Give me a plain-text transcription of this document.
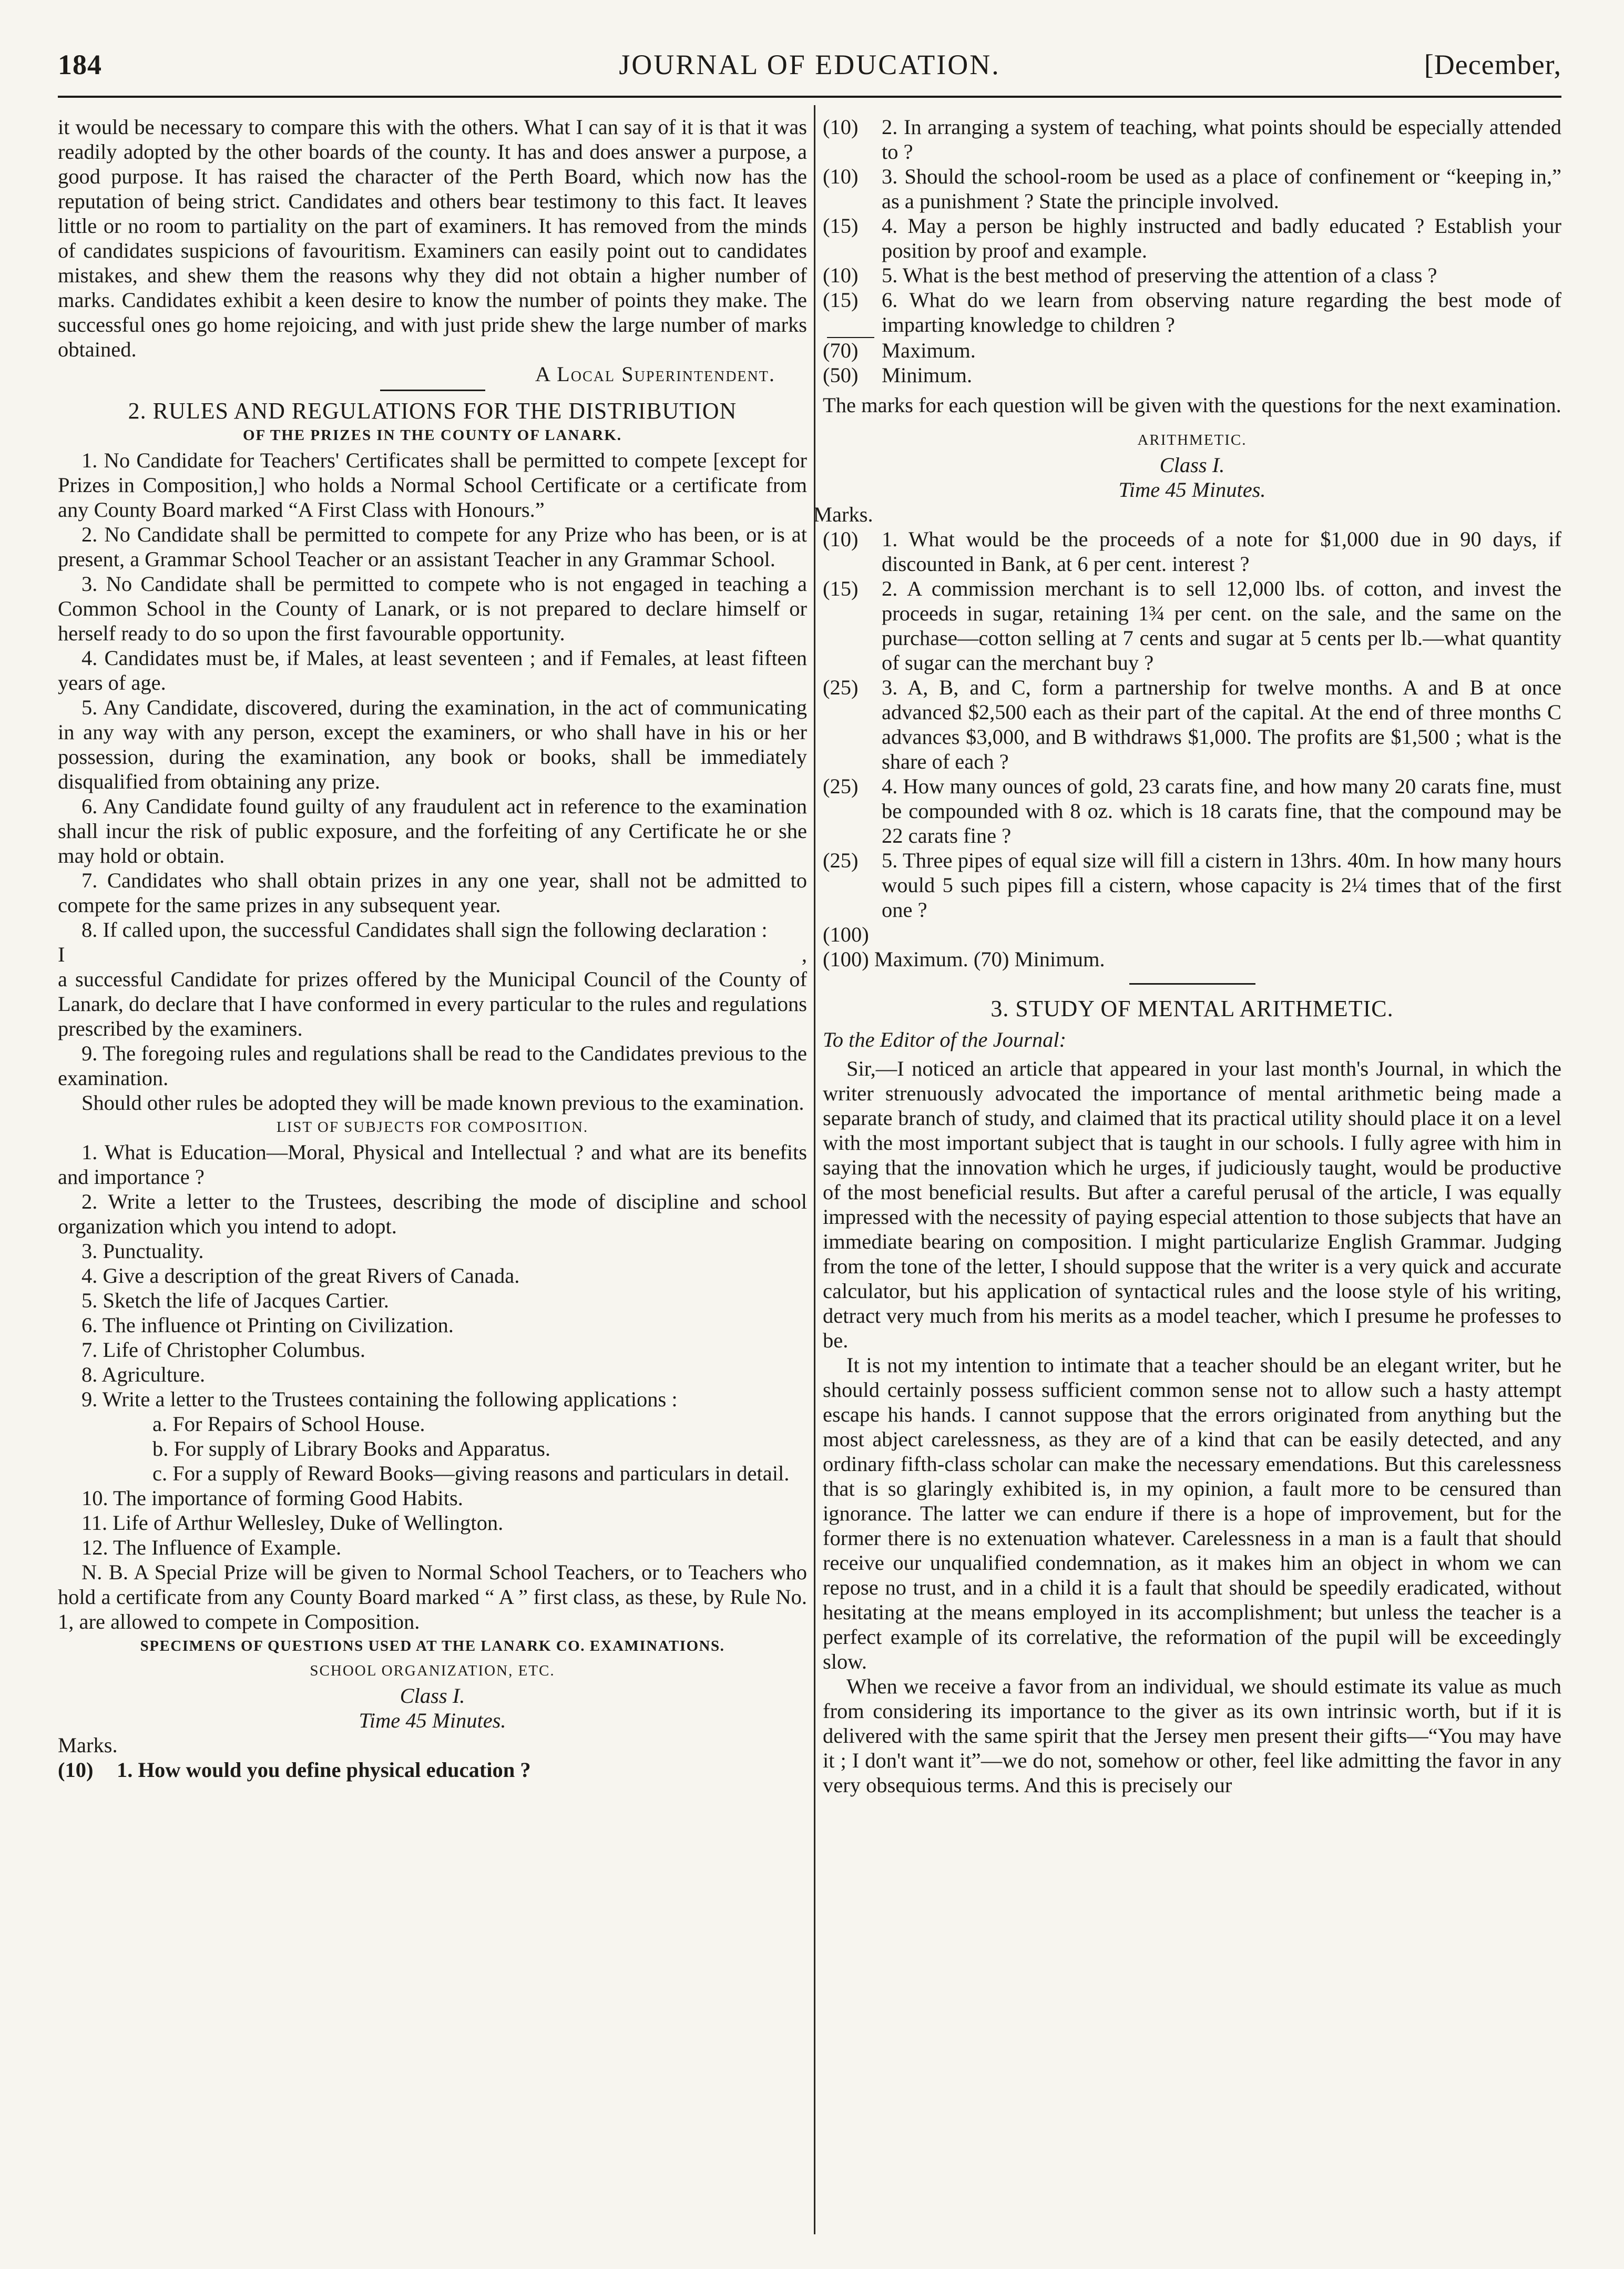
184	JOURNAL OF EDUCATION.	[December,

it would be necessary to compare this with the others. What I can say of it is that it was readily adopted by the other boards of the county. It has and does answer a purpose, a good purpose. It has raised the character of the Perth Board, which now has the reputation of being strict. Candidates and others bear testimony to this fact. It leaves little or no room to partiality on the part of examiners. It has removed from the minds of candidates suspicions of favouritism. Examiners can easily point out to candidates mistakes, and shew them the reasons why they did not obtain a higher number of marks. Candidates exhibit a keen desire to know the number of points they make. The successful ones go home rejoicing, and with just pride shew the large number of marks obtained.

A Local Superintendent.

2. RULES AND REGULATIONS FOR THE DISTRIBUTION

OF THE PRIZES IN THE COUNTY OF LANARK.

1. No Candidate for Teachers' Certificates shall be permitted to compete [except for Prizes in Composition,] who holds a Normal School Certificate or a certificate from any County Board marked “A First Class with Honours.”

2. No Candidate shall be permitted to compete for any Prize who has been, or is at present, a Grammar School Teacher or an assistant Teacher in any Grammar School.

3. No Candidate shall be permitted to compete who is not engaged in teaching a Common School in the County of Lanark, or is not prepared to declare himself or herself ready to do so upon the first favourable opportunity.

4. Candidates must be, if Males, at least seventeen ; and if Females, at least fifteen years of age.

5. Any Candidate, discovered, during the examination, in the act of communicating in any way with any person, except the examiners, or who shall have in his or her possession, during the examination, any book or books, shall be immediately disqualified from obtaining any prize.

6. Any Candidate found guilty of any fraudulent act in reference to the examination shall incur the risk of public exposure, and the forfeiting of any Certificate he or she may hold or obtain.

7. Candidates who shall obtain prizes in any one year, shall not be admitted to compete for the same prizes in any subsequent year.

8. If called upon, the successful Candidates shall sign the following declaration :

I	,

a successful Candidate for prizes offered by the Municipal Council of the County of Lanark, do declare that I have conformed in every particular to the rules and regulations prescribed by the examiners.

9. The foregoing rules and regulations shall be read to the Candidates previous to the examination.

Should other rules be adopted they will be made known previous to the examination.

LIST OF SUBJECTS FOR COMPOSITION.

1. What is Education—Moral, Physical and Intellectual ? and what are its benefits and importance ?

2. Write a letter to the Trustees, describing the mode of discipline and school organization which you intend to adopt.

3. Punctuality.

4. Give a description of the great Rivers of Canada.

5. Sketch the life of Jacques Cartier.

6. The influence ot Printing on Civilization.

7. Life of Christopher Columbus.

8. Agriculture.

9. Write a letter to the Trustees containing the following applications :

a. For Repairs of School House.

b. For supply of Library Books and Apparatus.

c. For a supply of Reward Books—giving reasons and particulars in detail.

10. The importance of forming Good Habits.

11. Life of Arthur Wellesley, Duke of Wellington.

12. The Influence of Example.

N. B. A Special Prize will be given to Normal School Teachers, or to Teachers who hold a certificate from any County Board marked “ A ” first class, as these, by Rule No. 1, are allowed to compete in Composition.

SPECIMENS OF QUESTIONS USED AT THE LANARK CO. EXAMINATIONS.

SCHOOL ORGANIZATION, ETC.

Class I.

Time 45 Minutes.

Marks.

(10)	1. How would you define physical education ?
(10)	2. In arranging a system of teaching, what points should be especially attended to ?
(10)	3. Should the school-room be used as a place of confinement or “keeping in,” as a punishment ? State the principle involved.
(15)	4. May a person be highly instructed and badly educated ? Establish your position by proof and example.
(10)	5. What is the best method of preserving the attention of a class ?
(15)	6. What do we learn from observing nature regarding the best mode of imparting knowledge to children ?
(70)	Maximum.
(50)	Minimum.

The marks for each question will be given with the questions for the next examination.

ARITHMETIC.

Class I.

Time 45 Minutes.

Marks.

(10)	1. What would be the proceeds of a note for $1,000 due in 90 days, if discounted in Bank, at 6 per cent. interest ?
(15)	2. A commission merchant is to sell 12,000 lbs. of cotton, and invest the proceeds in sugar, retaining 1¾ per cent. on the sale, and the same on the purchase—cotton selling at 7 cents and sugar at 5 cents per lb.—what quantity of sugar can the merchant buy ?
(25)	3. A, B, and C, form a partnership for twelve months. A and B at once advanced $2,500 each as their part of the capital. At the end of three months C advances $3,000, and B withdraws $1,000. The profits are $1,500 ; what is the share of each ?
(25)	4. How many ounces of gold, 23 carats fine, and how many 20 carats fine, must be compounded with 8 oz. which is 18 carats fine, that the compound may be 22 carats fine ?
(25)	5. Three pipes of equal size will fill a cistern in 13hrs. 40m. In how many hours would 5 such pipes fill a cistern, whose capacity is 2¼ times that of the first one ?
(100)

(100) Maximum. (70) Minimum.

3. STUDY OF MENTAL ARITHMETIC.

To the Editor of the Journal:

Sir,—I noticed an article that appeared in your last month's Journal, in which the writer strenuously advocated the importance of mental arithmetic being made a separate branch of study, and claimed that its practical utility should place it on a level with the most important subject that is taught in our schools. I fully agree with him in saying that the innovation which he urges, if judiciously taught, would be productive of the most beneficial results. But after a careful perusal of the article, I was equally impressed with the necessity of paying especial attention to those subjects that have an immediate bearing on composition. I might particularize English Grammar. Judging from the tone of the letter, I should suppose that the writer is a very quick and accurate calculator, but his application of syntactical rules and the loose style of his writing, detract very much from his merits as a model teacher, which I presume he professes to be.

It is not my intention to intimate that a teacher should be an elegant writer, but he should certainly possess sufficient common sense not to allow such a hasty attempt escape his hands. I cannot suppose that the errors originated from anything but the most abject carelessness, as they are of a kind that can be easily detected, and any ordinary fifth-class scholar can make the necessary emendations. But this carelessness that is so glaringly exhibited is, in my opinion, a fault more to be censured than ignorance. The latter we can endure if there is a hope of improvement, but for the former there is no extenuation whatever. Carelessness in a man is a fault that should receive our unqualified condemnation, as it makes him an object in whom we can repose no trust, and in a child it is a fault that should be speedily eradicated, without hesitating at the means employed in its accomplishment; but unless the teacher is a perfect example of its correlative, the reformation of the pupil will be exceedingly slow.

When we receive a favor from an individual, we should estimate its value as much from considering its importance to the giver as its own intrinsic worth, but if it is delivered with the same spirit that the Jersey men present their gifts—“You may have it ; I don't want it”—we do not, somehow or other, feel like admitting the favor in any very obsequious terms. And this is precisely our
